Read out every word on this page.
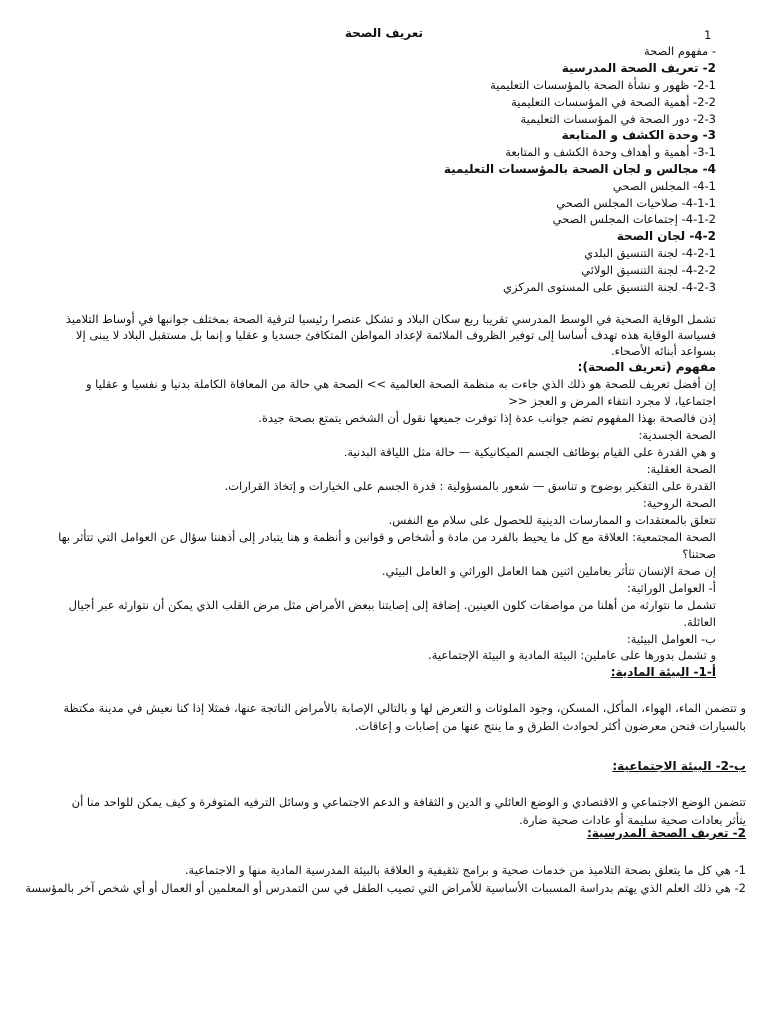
1
تعريف الصحة
- مفهوم الصحة
2- تعريف الصحة المدرسية
2-1- ظهور و نشأة الصحة بالمؤسسات التعليمية
2-2- أهمية الصحة في المؤسسات التعليمية
2-3- دور الصحة في المؤسسات التعليمية
3- وحدة الكشف و المتابعة
3-1- أهمية و أهداف وحدة الكشف و المتابعة
4- مجالس و لجان الصحة بالمؤسسات التعليمية
4-1- المجلس الصحي
4-1-1- صلاحيات المجلس الصحي
4-1-2- إجتماعات المجلس الصحي
4-2- لجان الصحة
4-2-1- لجنة التنسيق البلدي
4-2-2- لجنة التنسيق الولائي
4-2-3- لجنة التنسيق على المستوى المركزي
تشمل الوقاية الصحية في الوسط المدرسي تقريبا ربع سكان البلاد و تشكل عنصرا رئيسيا لترقية الصحة بمختلف جوانبها في أوساط التلاميذ
فسياسة الوقاية هذه تهدف أساسا إلى توفير الظروف الملائمة لإعداد المواطن المتكافئ جسديا و عقليا و إنما بل مستقبل البلاد لا يبنى إلا
بسواعد أبنائه الأصحاء.
مفهوم (تعريف الصحة):
إن أفضل تعريف للصحة هو ذلك الذي جاءت به منظمة الصحة العالمية >> الصحة هي حالة من المعافاة الكاملة بدنيا و نفسيا و عقليا و
اجتماعيا، لا مجرد انتفاء المرض و العجز <<
إذن فالصحة بهذا المفهوم تضم جوانب عدة إذا توفرت جميعها نقول أن الشخص يتمتع بصحة جيدة.
الصحة الجسدية:
و هي القدرة على القيام بوظائف الجسم الميكانيكية — حالة مثل اللياقة البدنية.
الصحة العقلية:
القدرة على التفكير بوضوح و تناسق — شعور بالمسؤولية : قدرة الجسم على الخيارات و إتخاذ القرارات.
الصحة الروحية:
تتعلق بالمعتقدات و الممارسات الدينية للحصول على سلام مع النفس.
الصحة المجتمعية: العلاقة مع كل ما يحيط بالفرد من مادة و أشخاص و قوانين و أنظمة و هنا يتبادر إلى أذهننا سؤال عن العوامل التي تتأثر بها
صحتنا؟
إن صحة الإنسان تتأثر بعاملين اثنين هما العامل الوراثي و العامل البيئي.
أ- العوامل الوراثية:
تشمل ما نتوارثه من أهلنا من مواصفات كلون العينين. إضافة إلى إصابتنا ببعض الأمراض مثل مرض القلب الذي يمكن أن نتوارثه عبر أجيال
العائلة.
ب- العوامل البيئية:
و تشمل بدورها على عاملين: البيئة المادية و البيئة الإجتماعية.
أ-1- البيئة المادية:
و تتضمن الماء، الهواء، المأكل، المسكن، وجود الملوثات و التعرض لها و بالتالي الإصابة بالأمراض الناتجة عنها، فمثلا إذا كنا نعيش في مدينة مكتظة
بالسيارات فنحن معرضون أكثر لحوادث الطرق و ما ينتج عنها من إصابات و إعاقات.
ب-2- البيئة الاجتماعية:
تتضمن الوضع الاجتماعي و الاقتصادي و الوضع العائلي و الدين و الثقافة و الدعم الاجتماعي و وسائل الترفيه المتوفرة و كيف يمكن للواحد منا أن
يتأثر بعادات صحية سليمة أو عادات صحية ضارة.
2- تعريف الصحة المدرسية:
1- هي كل ما يتعلق بصحة التلاميذ من خدمات صحية و برامج تثقيفية و العلاقة بالبيئة المدرسية المادية منها و الاجتماعية.
2- هي ذلك العلم الذي يهتم بدراسة المسببات الأساسية للأمراض التي تصيب الطفل في سن التمدرس أو المعلمين أو العمال أو أي شخص آخر بالمؤسسة
